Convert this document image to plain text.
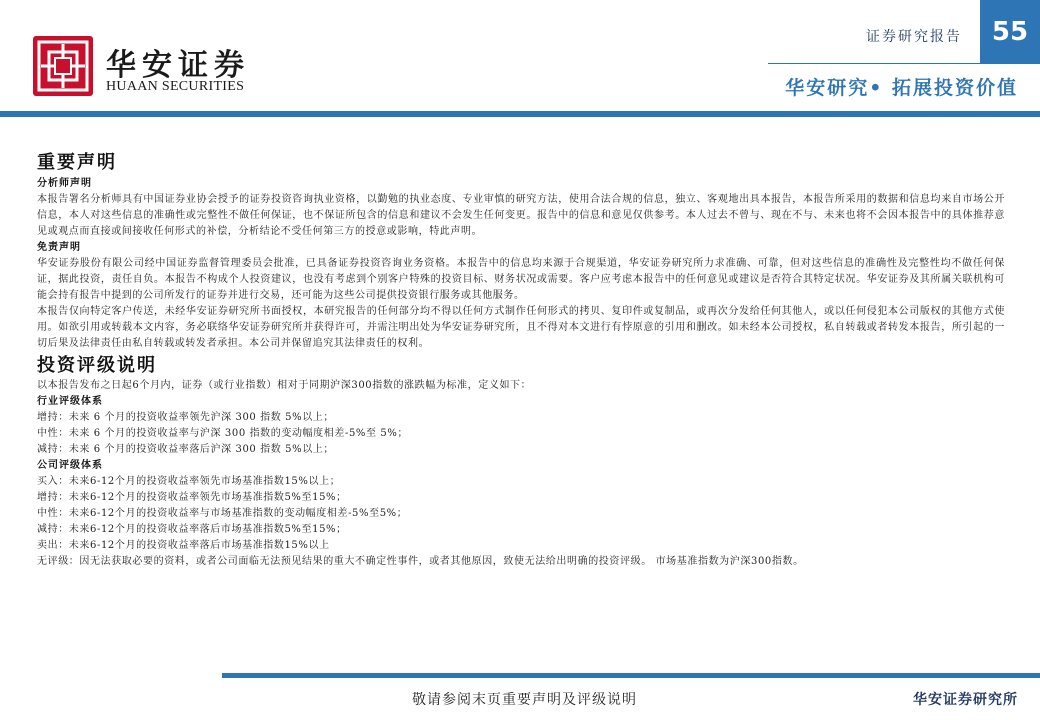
华安证券
HUAAN SECURITIES
证券研究报告	55
华安研究• 拓展投资价值
重要声明
分析师声明

本报告署名分析师具有中国证券业协会授予的证券投资咨询执业资格，以勤勉的执业态度、专业审慎的研究方法，使用合法合规的信息，独立、客观地出具本报告，本报告所采用的数据和信息均来自市场公开信息，本人对这些信息的准确性或完整性不做任何保证，也不保证所包含的信息和建议不会发生任何变更。报告中的信息和意见仅供参考。本人过去不曾与、现在不与、未来也将不会因本报告中的具体推荐意见或观点而直接或间接收任何形式的补偿，分析结论不受任何第三方的授意或影响，特此声明。

免责声明

华安证券股份有限公司经中国证券监督管理委员会批准，已具备证券投资咨询业务资格。本报告中的信息均来源于合规渠道，华安证券研究所力求准确、可靠，但对这些信息的准确性及完整性均不做任何保证，据此投资，责任自负。本报告不构成个人投资建议，也没有考虑到个别客户特殊的投资目标、财务状况或需要。客户应考虑本报告中的任何意见或建议是否符合其特定状况。华安证券及其所属关联机构可能会持有报告中提到的公司所发行的证券并进行交易，还可能为这些公司提供投资银行服务或其他服务。

本报告仅向特定客户传送，未经华安证券研究所书面授权，本研究报告的任何部分均不得以任何方式制作任何形式的拷贝、复印件或复制品，或再次分发给任何其他人，或以任何侵犯本公司版权的其他方式使用。如欲引用或转载本文内容，务必联络华安证券研究所并获得许可，并需注明出处为华安证券研究所，且不得对本文进行有悖原意的引用和删改。如未经本公司授权，私自转载或者转发本报告，所引起的一切后果及法律责任由私自转载或转发者承担。本公司并保留追究其法律责任的权利。

投资评级说明
以本报告发布之日起6个月内，证券（或行业指数）相对于同期沪深300指数的涨跌幅为标准，定义如下：
行业评级体系
增持：未来 6 个月的投资收益率领先沪深 300 指数 5%以上；
中性：未来 6 个月的投资收益率与沪深 300 指数的变动幅度相差-5%至 5%；
减持：未来 6 个月的投资收益率落后沪深 300 指数 5%以上；
公司评级体系
买入：未来6-12个月的投资收益率领先市场基准指数15%以上；
增持：未来6-12个月的投资收益率领先市场基准指数5%至15%；
中性：未来6-12个月的投资收益率与市场基准指数的变动幅度相差-5%至5%；
减持：未来6-12个月的投资收益率落后市场基准指数5%至15%；
卖出：未来6-12个月的投资收益率落后市场基准指数15%以上
无评级：因无法获取必要的资料，或者公司面临无法预见结果的重大不确定性事件，或者其他原因，致使无法给出明确的投资评级。 市场基准指数为沪深300指数。
敬请参阅末页重要声明及评级说明	华安证券研究所
